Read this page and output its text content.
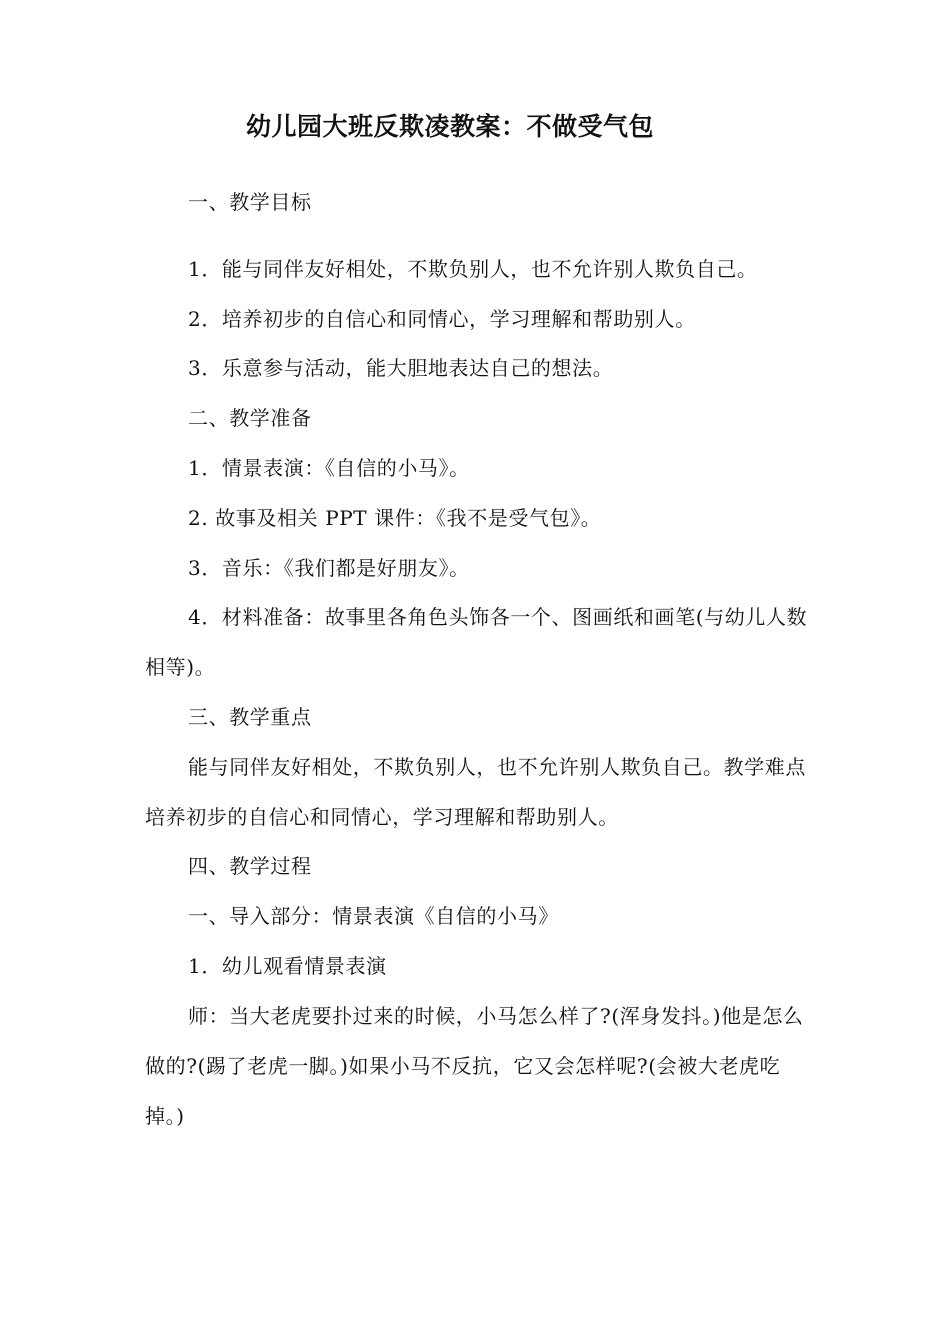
幼儿园大班反欺凌教案：不做受气包

一、教学目标

1．能与同伴友好相处，不欺负别人，也不允许别人欺负自己。

2．培养初步的自信心和同情心，学习理解和帮助别人。

3．乐意参与活动，能大胆地表达自己的想法。

二、教学准备

1．情景表演：《自信的小马》。

2. 故事及相关 PPT 课件：《我不是受气包》。

3．音乐：《我们都是好朋友》。

4．材料准备：故事里各角色头饰各一个、图画纸和画笔(与幼儿人数相等)。

三、教学重点

能与同伴友好相处，不欺负别人，也不允许别人欺负自己。教学难点培养初步的自信心和同情心，学习理解和帮助别人。

四、教学过程

一、导入部分：情景表演《自信的小马》

1．幼儿观看情景表演

师：当大老虎要扑过来的时候，小马怎么样了?(浑身发抖。)他是怎么做的?(踢了老虎一脚。)如果小马不反抗，它又会怎样呢?(会被大老虎吃掉。)
